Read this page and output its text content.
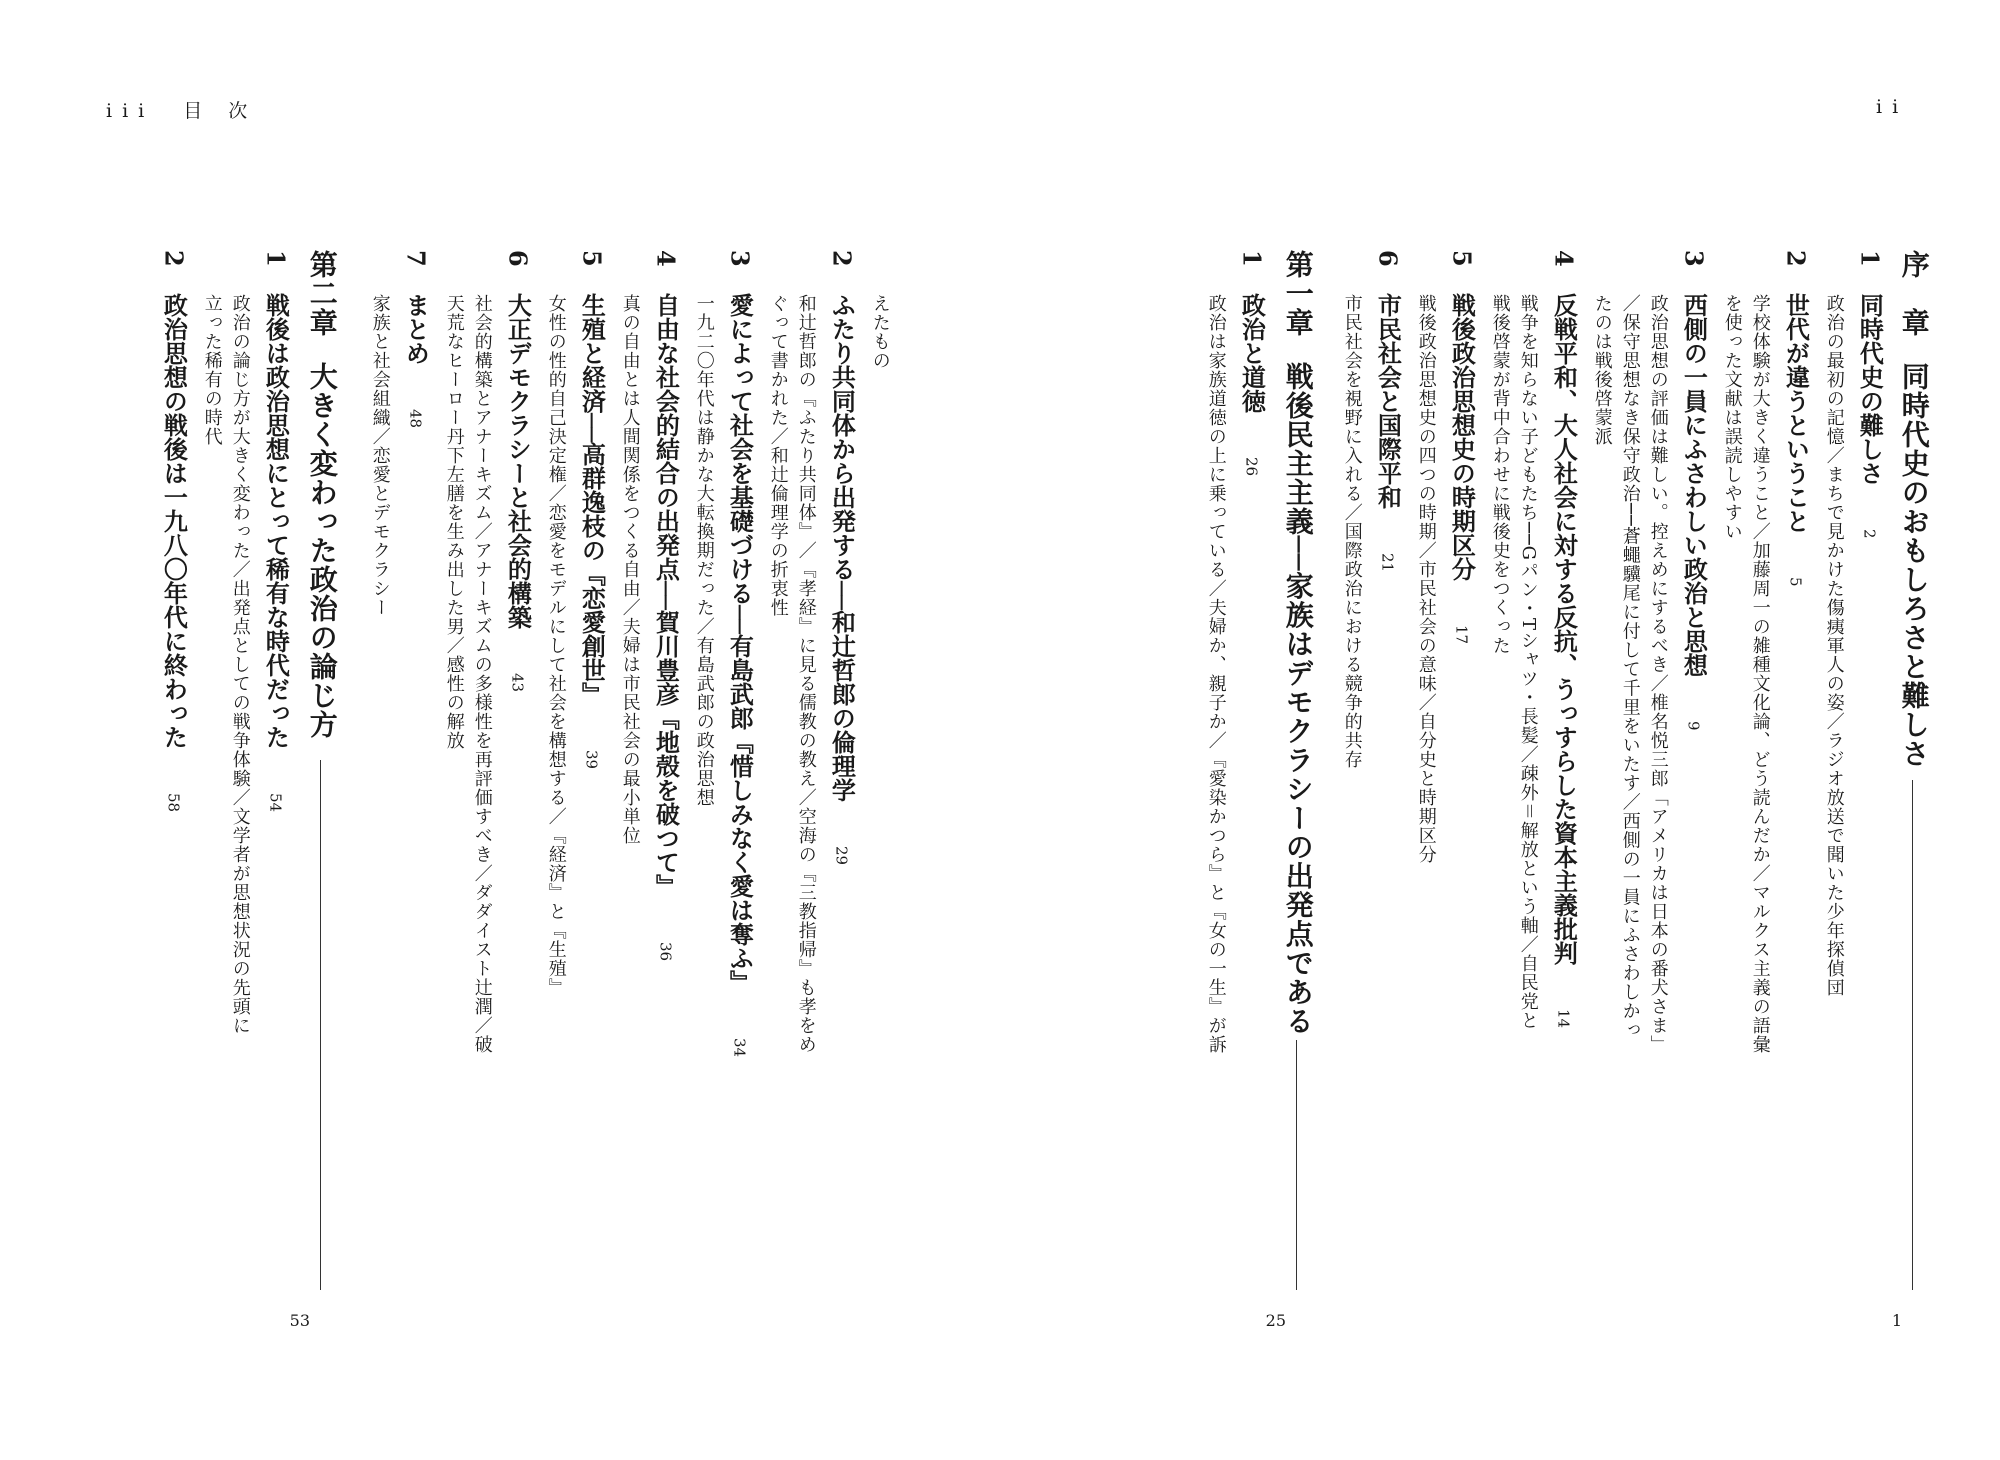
iii　目 次	ii
序　章 同時代史のおもしろさと難しさ
1
1 同時代史の難しさ 2
政治の最初の記憶／まちで見かけた傷痍軍人の姿／ラジオ放送で聞いた少年探偵団
2 世代が違うということ 5
学校体験が大きく違うこと／加藤周一の雑種文化論、どう読んだか／マルクス主義の語彙
を使った文献は誤読しやすい
3 西側の一員にふさわしい政治と思想 9
政治思想の評価は難しい。控えめにするべき／椎名悦三郎「アメリカは日本の番犬さま」
／保守思想なき保守政治──蒼蠅驥尾に付して千里をいたす／西側の一員にふさわしかっ
たのは戦後啓蒙派
4 反戦平和、大人社会に対する反抗、うっすらした資本主義批判 14
戦争を知らない子どもたち──Gパン・Tシャツ・長髪／疎外＝解放という軸／自民党と
戦後啓蒙が背中合わせに戦後史をつくった
5 戦後政治思想史の時期区分 17
戦後政治思想史の四つの時期／市民社会の意味／自分史と時期区分
6 市民社会と国際平和 21
市民社会を視野に入れる／国際政治における競争的共存
第一章 戦後民主主義──家族はデモクラシーの出発点である
25
1 政治と道徳 26
政治は家族道徳の上に乗っている／夫婦か、親子か／『愛染かつら』と『女の一生』が訴
えたもの
2 ふたり共同体から出発する──和辻哲郎の倫理学 29
和辻哲郎の『ふたり共同体』／『孝経』に見る儒教の教え／空海の『三教指帰』も孝をめ
ぐって書かれた／和辻倫理学の折衷性
3 愛によって社会を基礎づける──有島武郎『惜しみなく愛は奪ふ』 34
一九二〇年代は静かな大転換期だった／有島武郎の政治思想
4 自由な社会的結合の出発点──賀川豊彦『地殻を破つて』 36
真の自由とは人間関係をつくる自由／夫婦は市民社会の最小単位
5 生殖と経済──高群逸枝の『恋愛創世』 39
女性の性的自己決定権／恋愛をモデルにして社会を構想する／『経済』と『生殖』
6 大正デモクラシーと社会的構築 43
社会的構築とアナーキズム／アナーキズムの多様性を再評価すべき／ダダイスト辻潤／破
天荒なヒーロー丹下左膳を生み出した男／感性の解放
7 まとめ 48
家族と社会組織／恋愛とデモクラシー
第二章 大きく変わった政治の論じ方
53
1 戦後は政治思想にとって稀有な時代だった 54
政治の論じ方が大きく変わった／出発点としての戦争体験／文学者が思想状況の先頭に
立った稀有の時代
2 政治思想の戦後は一九八〇年代に終わった 58
